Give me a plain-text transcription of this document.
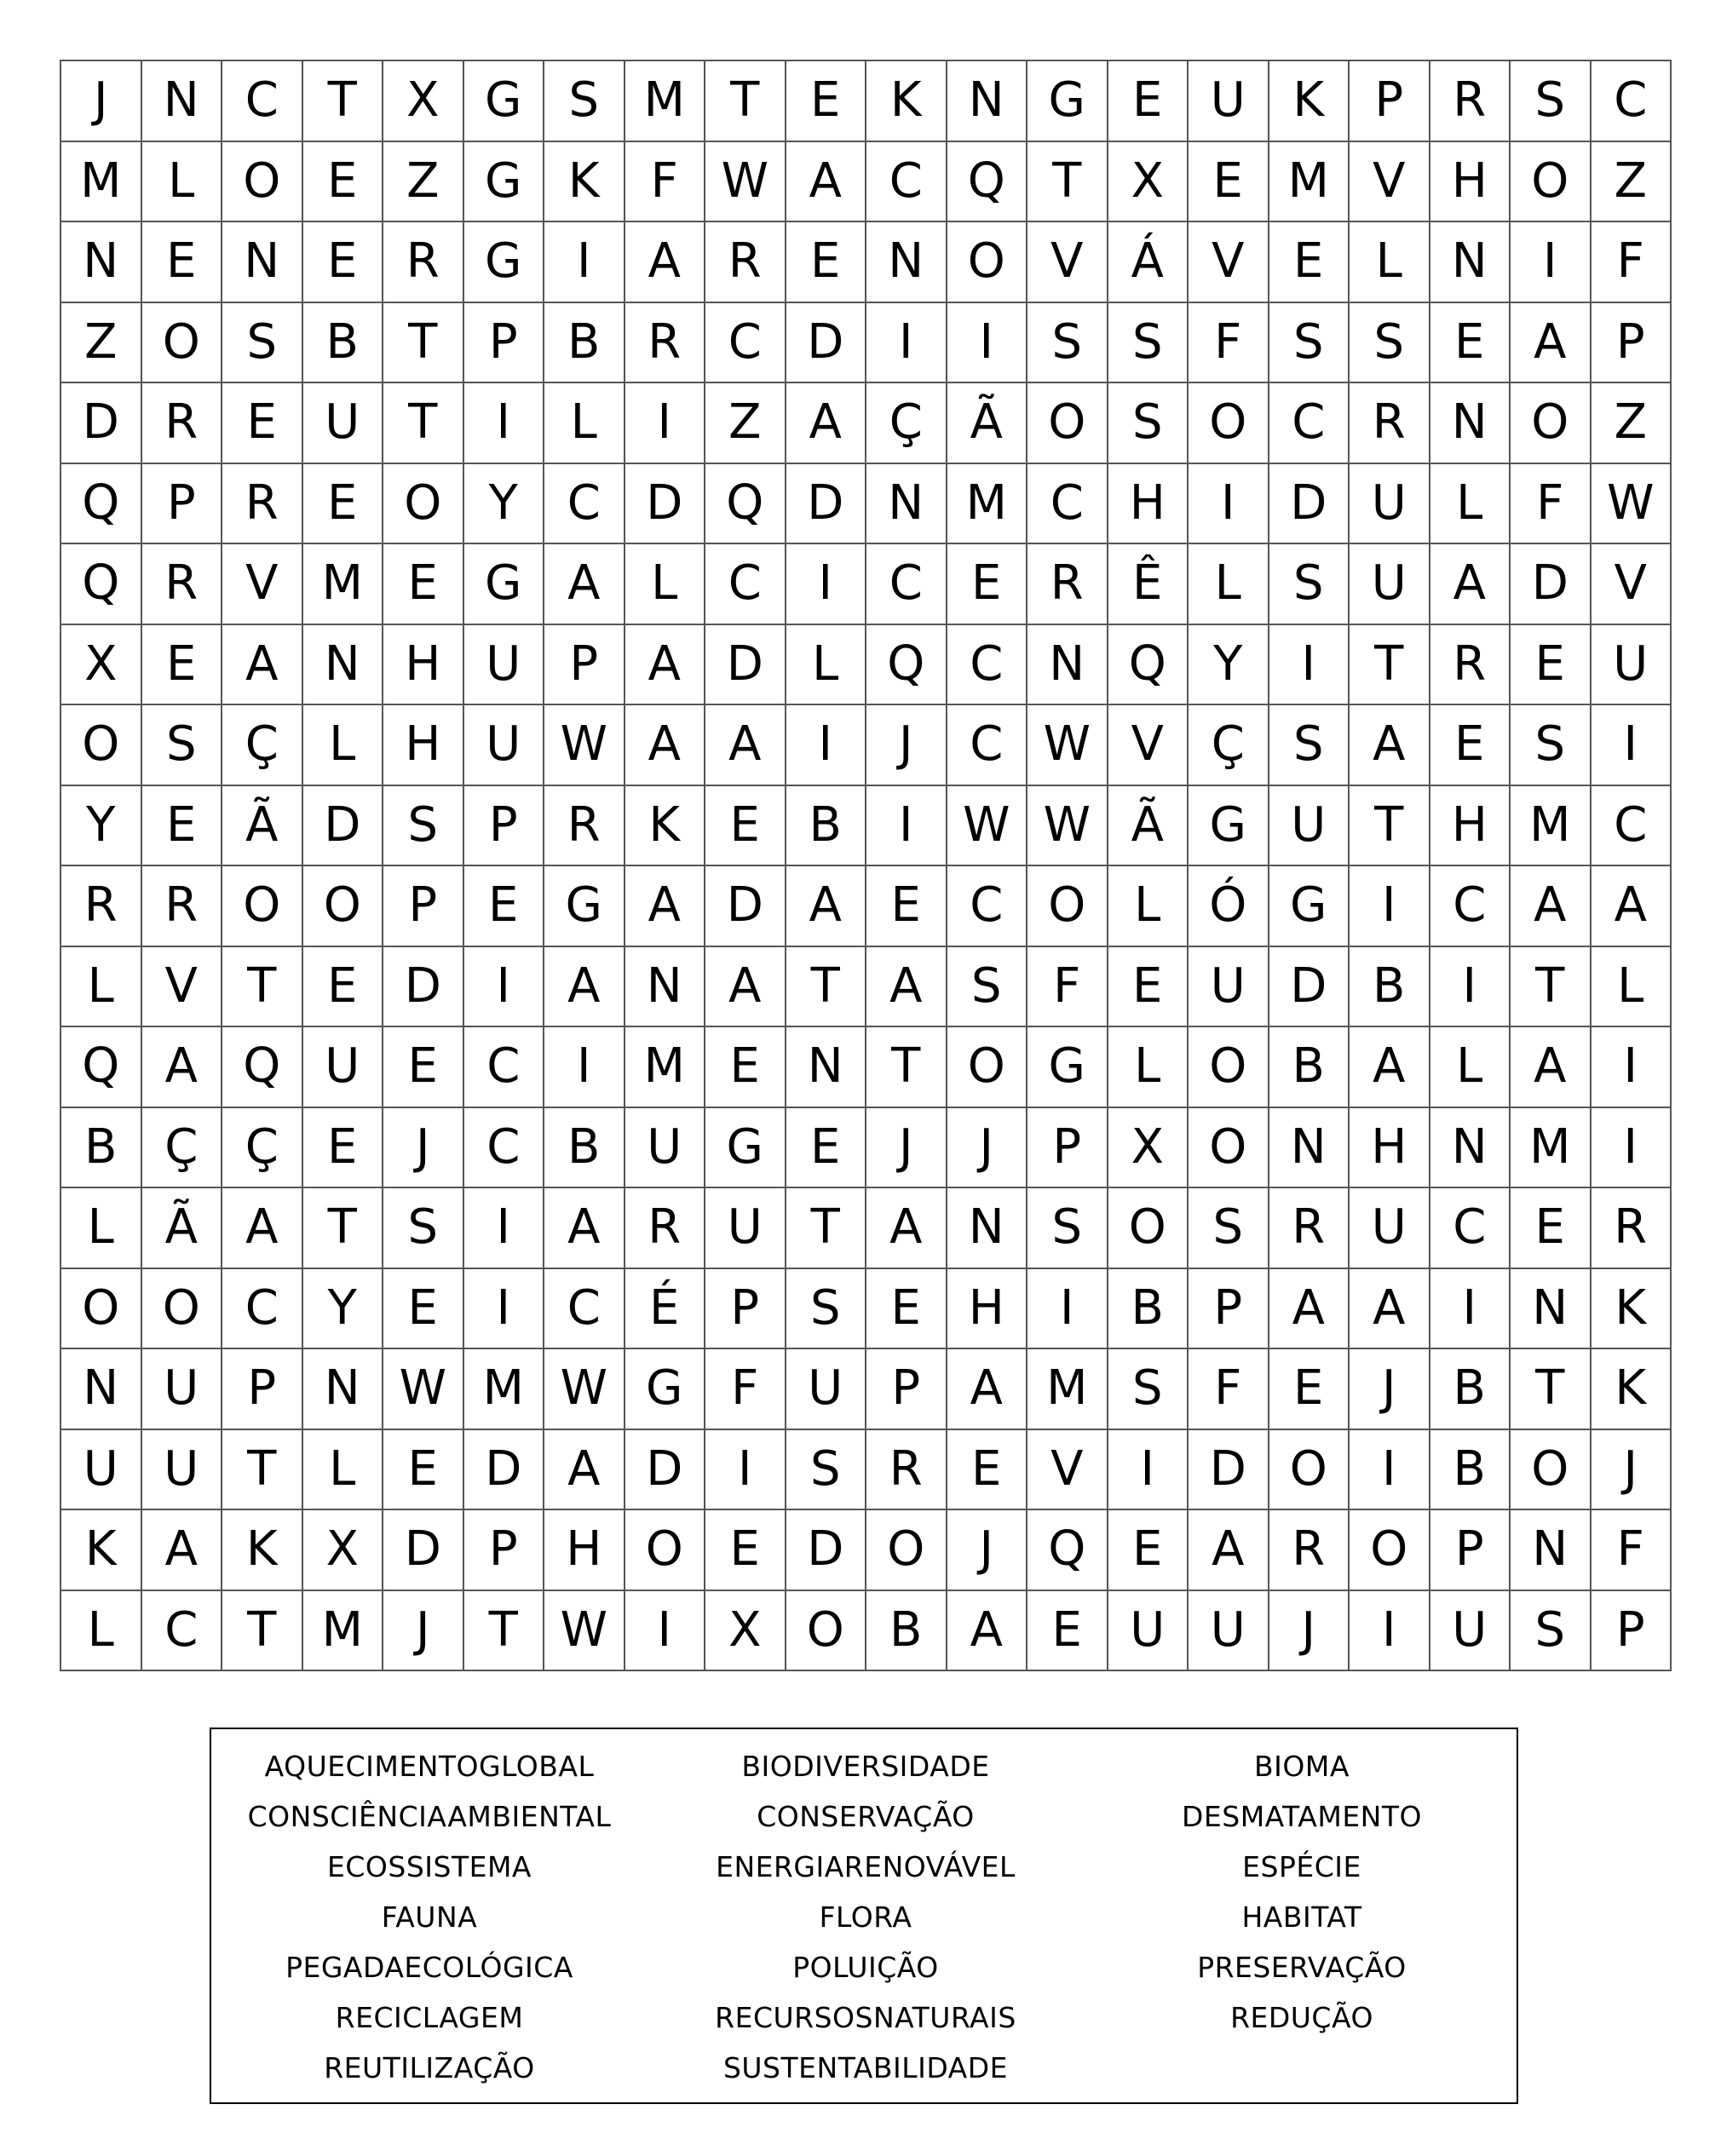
J	N C	T	X G S M T	E	K N G E	U K	P	R	S	C
M L	O E	Z G K	F W A C Q T	X	E M V H O Z
N E N E	R G	I	A R	E N O V	Á	V	E	L	N	I	F
Z O S	B	T	P	B R C D	I	I	S	S	F	S	S	E	A	P
D R	E	U	T	I	L	I	Z	A Ç Ã O S O C R N O Z
Q P	R	E O Y	C D Q D N M C H	I	D U	L	F W
Q R V M E G A	L	C	I	C	E	R	Ê	L	S	U A D V
X	E	A N H U	P	A D	L	Q C N Q Y	I	T	R	E	U
O S	Ç	L	H U W A	A	I	J	C W V Ç	S	A	E	S	I
Y	E	Ã D S	P	R	K	E	B	I	W W Ã G U	T	H M C
R R O O P	E G A D A	E	C O	L	Ó G	I	C A	A
L	V	T	E D	I	A N A	T	A	S	F	E	U D B	I	T	L
Q A Q U	E	C	I	M E N	T O G	L	O B	A	L	A	I
B Ç Ç	E	J	C B U G E	J	J	P	X O N H N M	I
L	Ã	A	T	S	I	A R U	T	A N S O S	R U C	E	R
O O C	Y	E	I	C	É	P	S	E H	I	B	P	A	A	I	N K
N U	P	N W M W G	F	U	P	A M S	F	E	J	B	T	K
U U	T	L	E D A D	I	S	R	E	V	I	D O	I	B O	J
K	A	K	X D	P	H O E D O	J	Q E	A R O P	N	F
L	C	T M	J	T W	I	X O B	A	E	U U	J	I	U	S	P
AQUECIMENTOGLOBAL
CONSCIÊNCIAAMBIENTAL
ECOSSISTEMA
FAUNA
PEGADAECOLÓGICA
RECICLAGEM
REUTILIZAÇÃO
BIODIVERSIDADE
CONSERVAÇÃO
ENERGIARENOVÁVEL
FLORA
POLUIÇÃO
RECURSOSNATURAIS
SUSTENTABILIDADE
BIOMA
DESMATAMENTO
ESPÉCIE
HABITAT
PRESERVAÇÃO
REDUÇÃO
